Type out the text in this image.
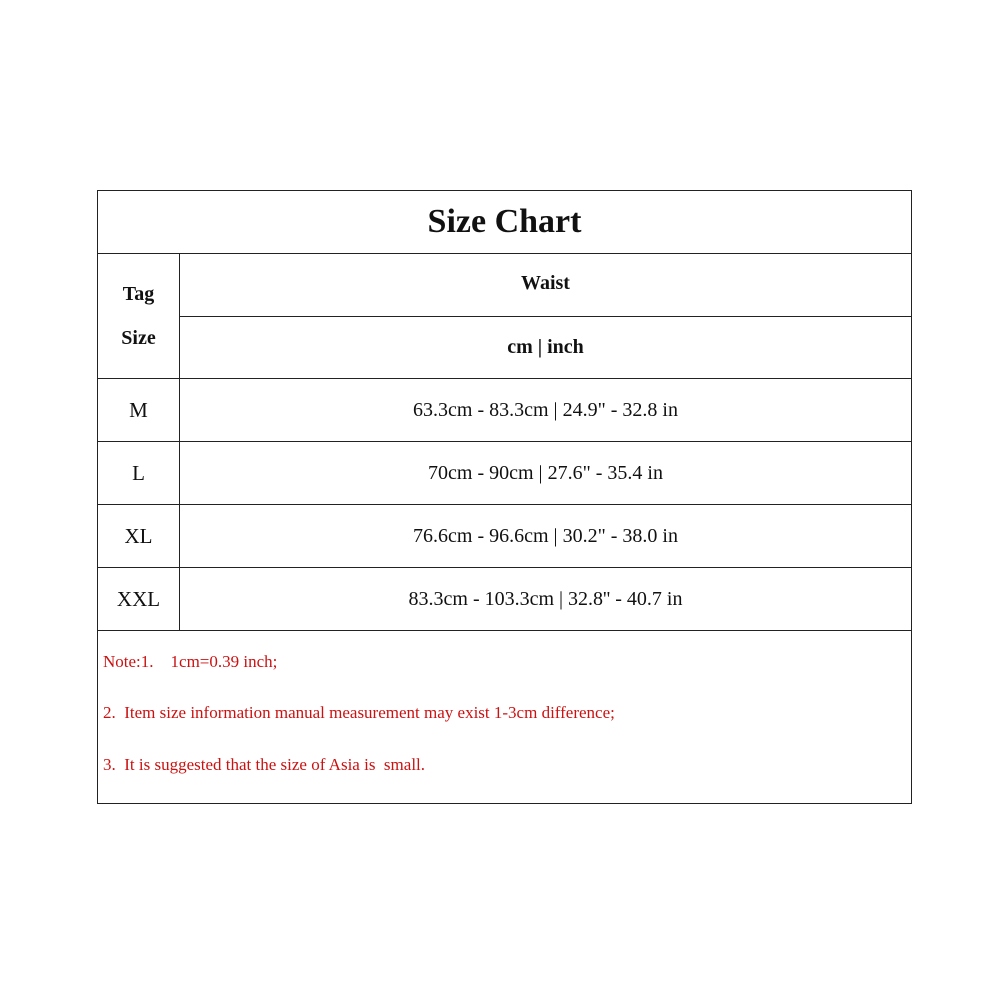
Size Chart
Tag
Size
Waist
cm | inch
M	63.3cm - 83.3cm | 24.9" - 32.8 in
L	70cm - 90cm | 27.6" - 35.4 in
XL	76.6cm - 96.6cm | 30.2" - 38.0 in
XXL	83.3cm - 103.3cm | 32.8'' - 40.7 in
Note:1.    1cm=0.39 inch;
2.  Item size information manual measurement may exist 1-3cm difference;
3.  It is suggested that the size of Asia is  small.
